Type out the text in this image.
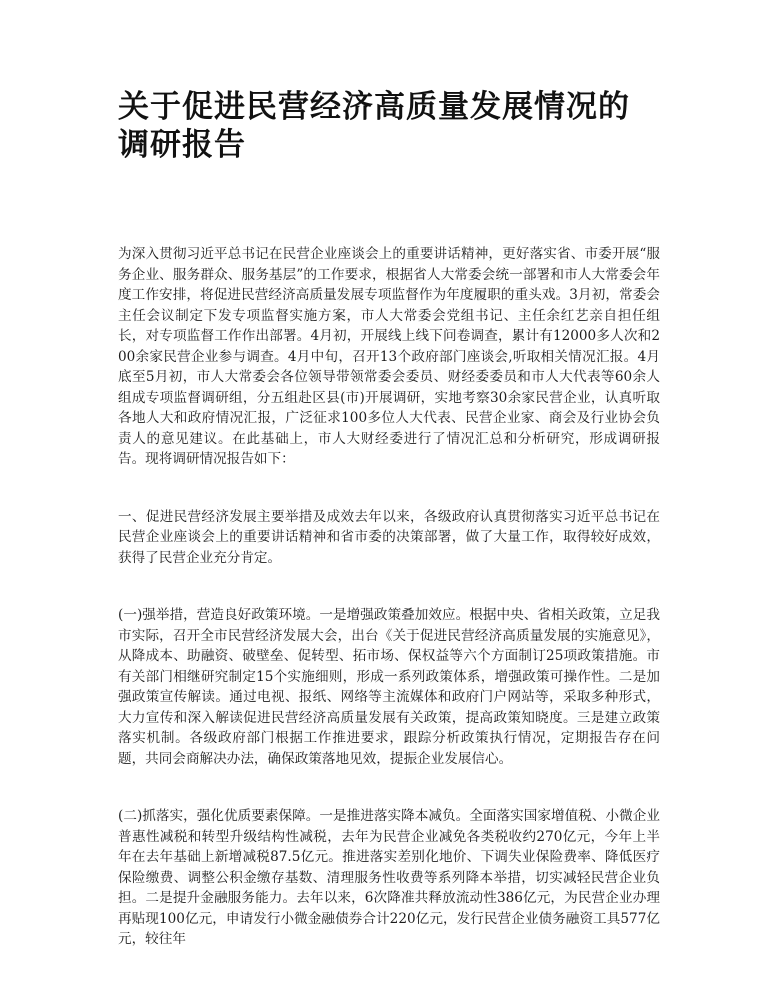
关于促进民营经济高质量发展情况的调研报告

为深入贯彻习近平总书记在民营企业座谈会上的重要讲话精神，更好落实省、市委开展“服务企业、服务群众、服务基层”的工作要求，根据省人大常委会统一部署和市人大常委会年度工作安排，将促进民营经济高质量发展专项监督作为年度履职的重头戏。3月初，常委会主任会议制定下发专项监督实施方案，市人大常委会党组书记、主任余红艺亲自担任组长，对专项监督工作作出部署。4月初，开展线上线下问卷调查，累计有12000多人次和200余家民营企业参与调查。4月中旬，召开13个政府部门座谈会,听取相关情况汇报。4月底至5月初，市人大常委会各位领导带领常委会委员、财经委委员和市人大代表等60余人组成专项监督调研组，分五组赴区县(市)开展调研，实地考察30余家民营企业，认真听取各地人大和政府情况汇报，广泛征求100多位人大代表、民营企业家、商会及行业协会负责人的意见建议。在此基础上，市人大财经委进行了情况汇总和分析研究，形成调研报告。现将调研情况报告如下：

一、促进民营经济发展主要举措及成效去年以来，各级政府认真贯彻落实习近平总书记在民营企业座谈会上的重要讲话精神和省市委的决策部署，做了大量工作，取得较好成效，获得了民营企业充分肯定。

(一)强举措，营造良好政策环境。一是增强政策叠加效应。根据中央、省相关政策，立足我市实际，召开全市民营经济发展大会，出台《关于促进民营经济高质量发展的实施意见》，从降成本、助融资、破壁垒、促转型、拓市场、保权益等六个方面制订25项政策措施。市有关部门相继研究制定15个实施细则，形成一系列政策体系，增强政策可操作性。二是加强政策宣传解读。通过电视、报纸、网络等主流媒体和政府门户网站等，采取多种形式，大力宣传和深入解读促进民营经济高质量发展有关政策，提高政策知晓度。三是建立政策落实机制。各级政府部门根据工作推进要求，跟踪分析政策执行情况，定期报告存在问题，共同会商解决办法，确保政策落地见效，提振企业发展信心。

(二)抓落实，强化优质要素保障。一是推进落实降本减负。全面落实国家增值税、小微企业普惠性减税和转型升级结构性减税，去年为民营企业减免各类税收约270亿元，今年上半年在去年基础上新增减税87.5亿元。推进落实差别化地价、下调失业保险费率、降低医疗保险缴费、调整公积金缴存基数、清理服务性收费等系列降本举措，切实减轻民营企业负担。二是提升金融服务能力。去年以来，6次降准共释放流动性386亿元，为民营企业办理再贴现100亿元，申请发行小微金融债券合计220亿元，发行民营企业债务融资工具577亿元，较往年
